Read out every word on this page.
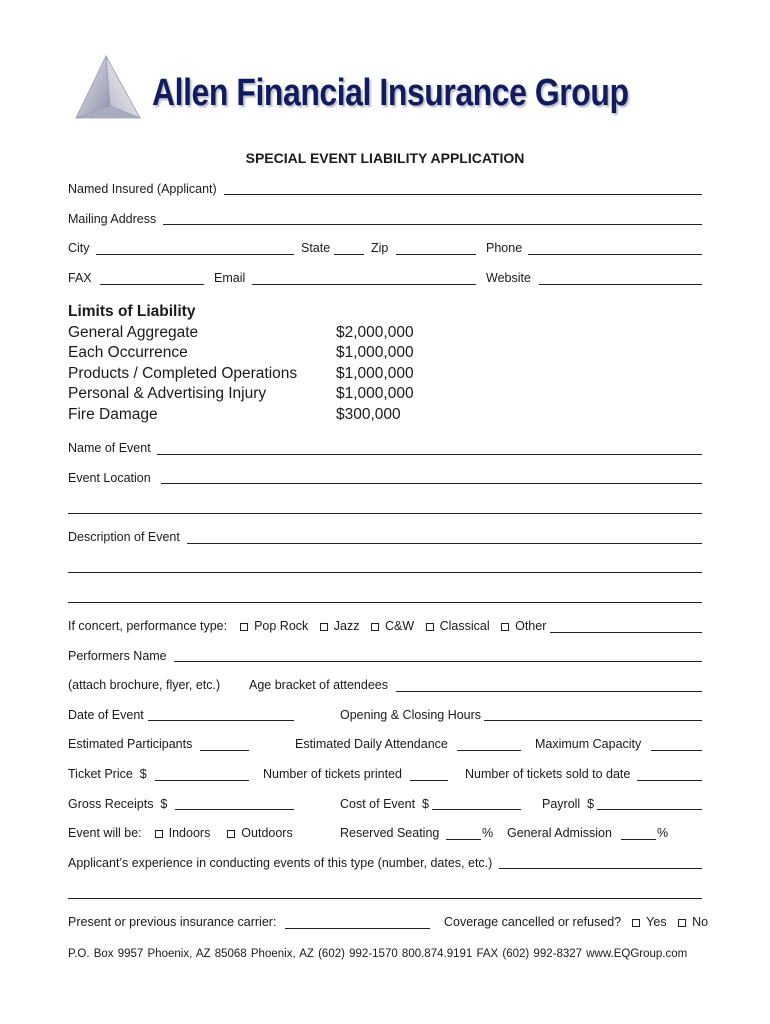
Allen Financial Insurance Group
SPECIAL EVENT LIABILITY APPLICATION
Named Insured (Applicant)
Mailing Address
City	State	Zip	Phone
FAX	Email	Website
Limits of Liability
General Aggregate	$2,000,000
Each Occurrence	$1,000,000
Products / Completed Operations	$1,000,000
Personal & Advertising Injury	$1,000,000
Fire Damage	$300,000
Name of Event
Event Location
Description of Event
If concert, performance type: Pop Rock Jazz C&W Classical Other
Performers Name
(attach brochure, flyer, etc.) Age bracket of attendees
Date of Event	Opening & Closing Hours
Estimated Participants	Estimated Daily Attendance	Maximum Capacity
Ticket Price $	Number of tickets printed	Number of tickets sold to date
Gross Receipts $	Cost of Event $	Payroll $
Event will be: Indoors Outdoors	Reserved Seating	% General Admission	%
Applicant’s experience in conducting events of this type (number, dates, etc.)
Present or previous insurance carrier:	Coverage cancelled or refused? Yes No
P.O. Box 9957 Phoenix, AZ 85068 Phoenix, AZ (602) 992-1570 800.874.9191 FAX (602) 992-8327 www.EQGroup.com
